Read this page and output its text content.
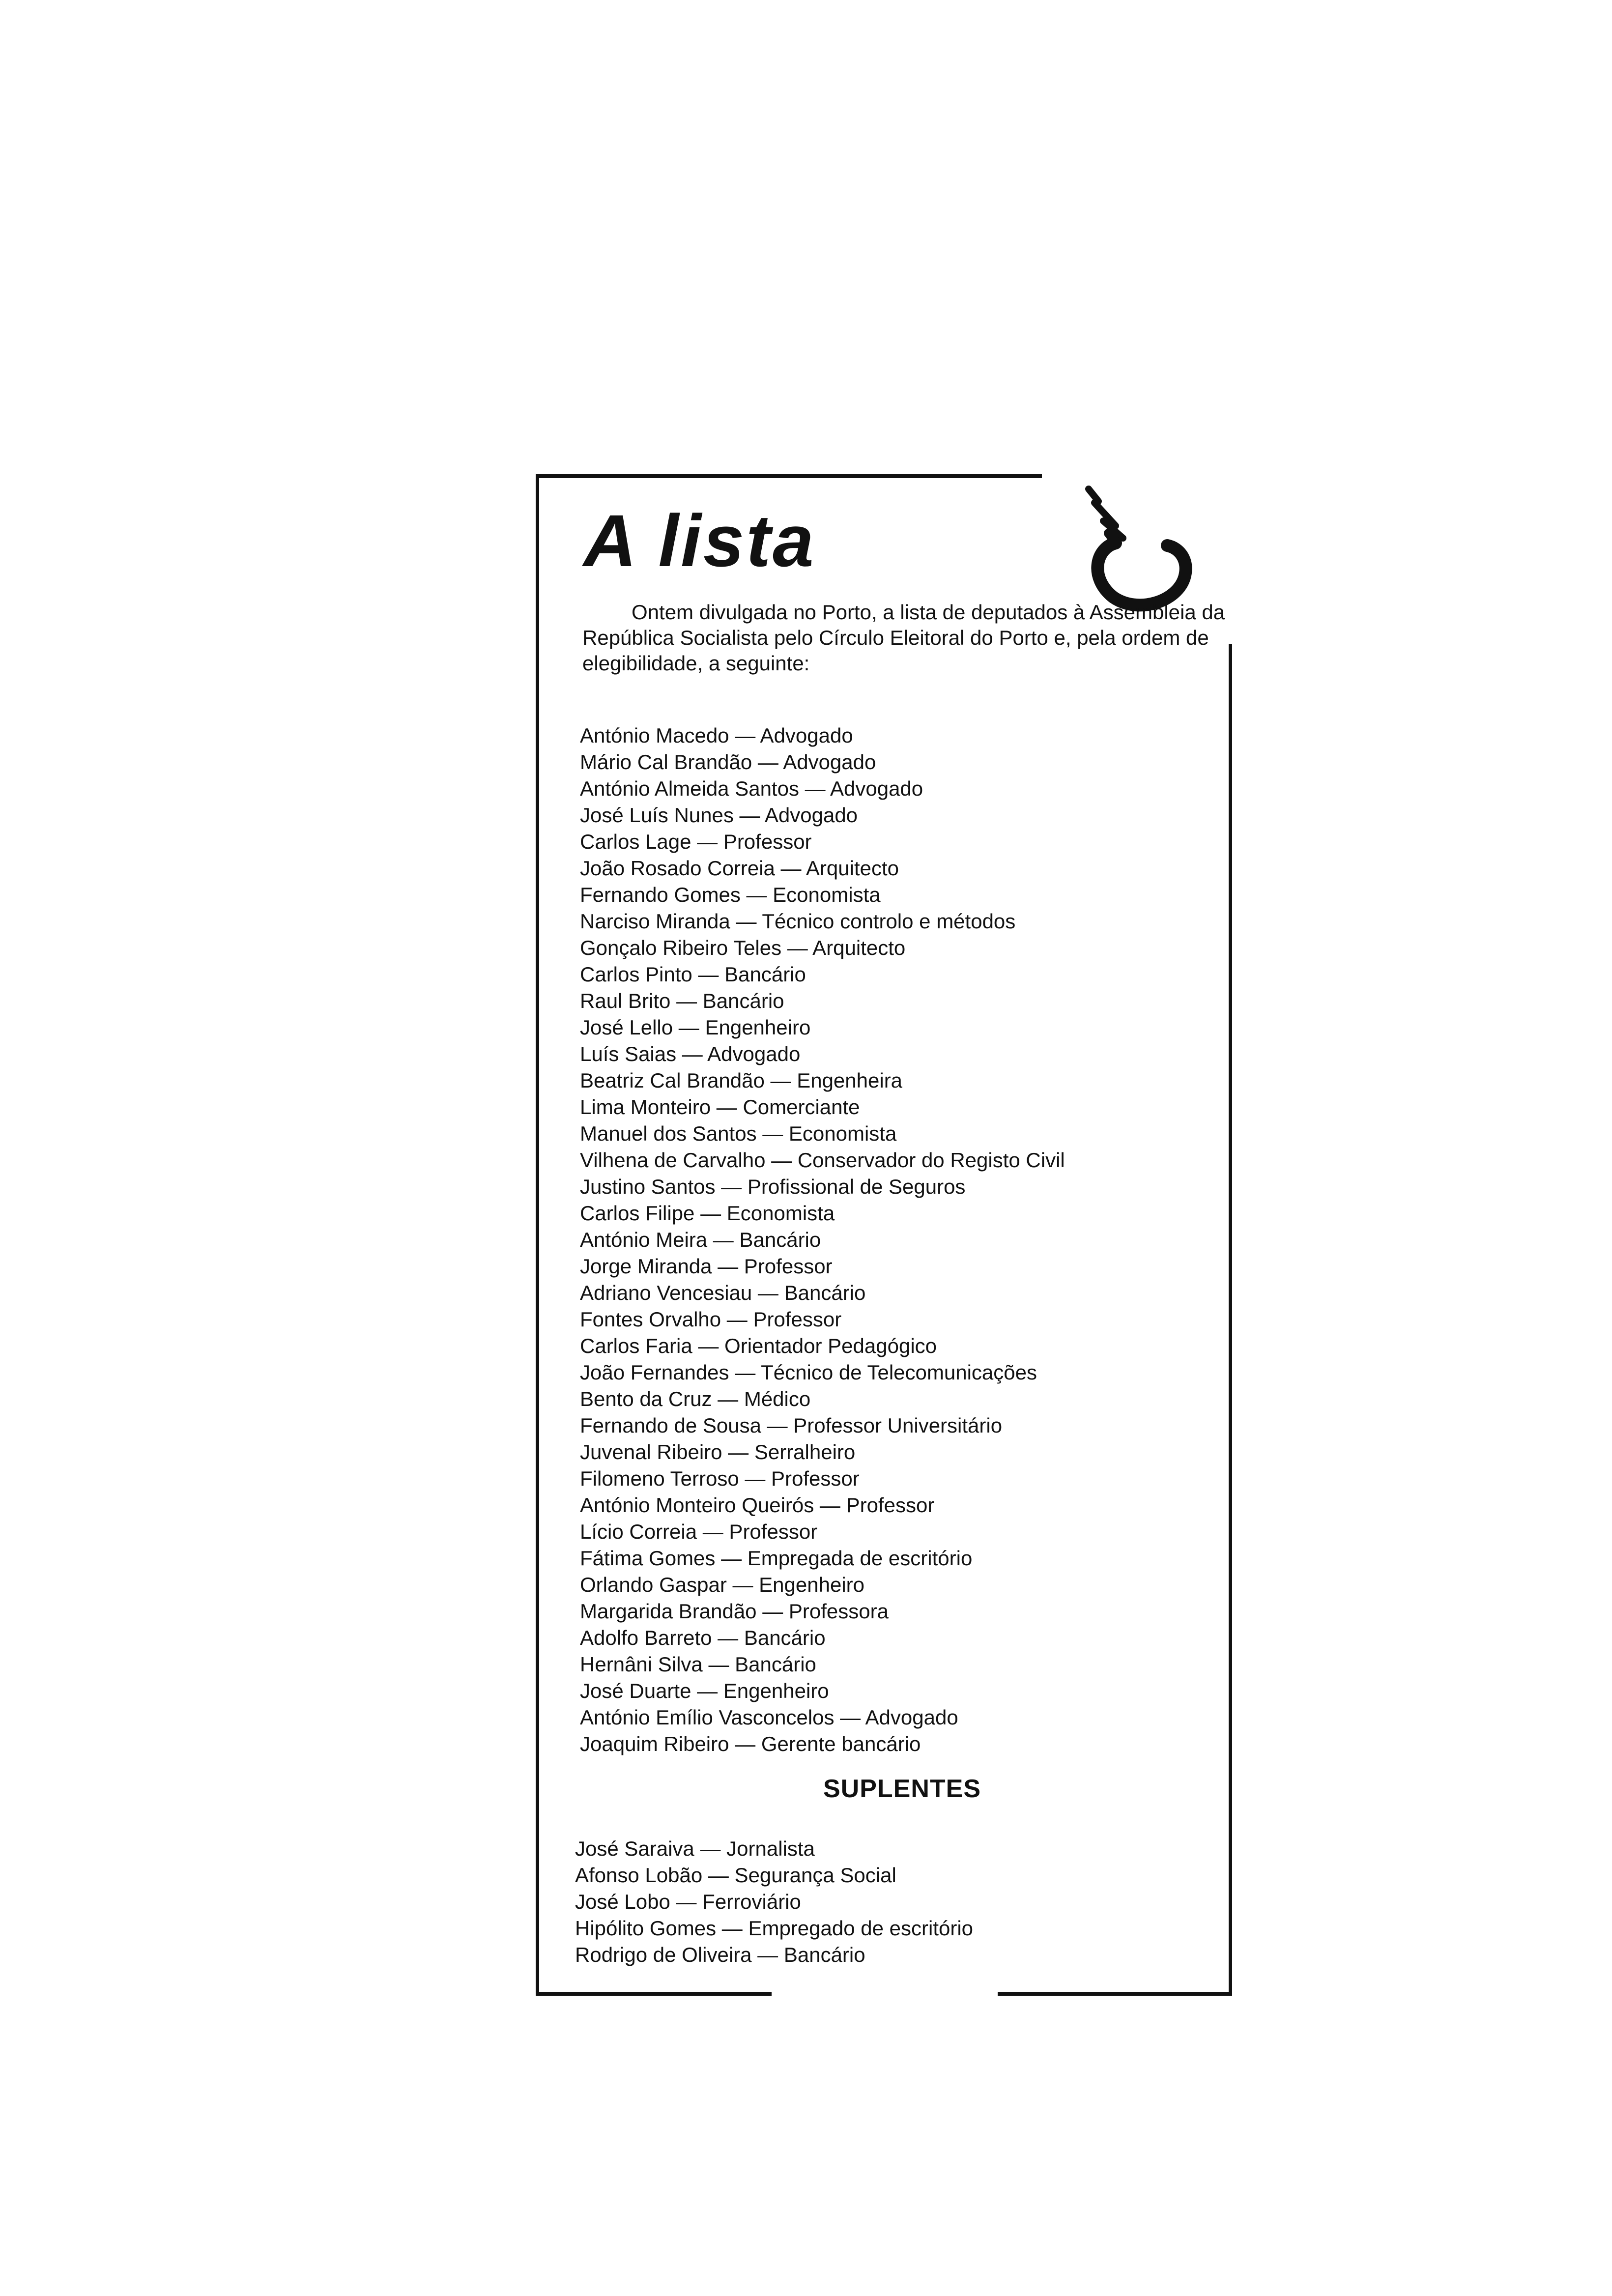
A lista

Ontem divulgada no Porto, a lista de deputados à Assembleia da República Socialista pelo Círculo Eleitoral do Porto e, pela ordem de elegibilidade, a seguinte:

António Macedo — Advogado
Mário Cal Brandão — Advogado
António Almeida Santos — Advogado
José Luís Nunes — Advogado
Carlos Lage — Professor
João Rosado Correia — Arquitecto
Fernando Gomes — Economista
Narciso Miranda — Técnico controlo e métodos
Gonçalo Ribeiro Teles — Arquitecto
Carlos Pinto — Bancário
Raul Brito — Bancário
José Lello — Engenheiro
Luís Saias — Advogado
Beatriz Cal Brandão — Engenheira
Lima Monteiro — Comerciante
Manuel dos Santos — Economista
Vilhena de Carvalho — Conservador do Registo Civil
Justino Santos — Profissional de Seguros
Carlos Filipe — Economista
António Meira — Bancário
Jorge Miranda — Professor
Adriano Vencesiau — Bancário
Fontes Orvalho — Professor
Carlos Faria — Orientador Pedagógico
João Fernandes — Técnico de Telecomunicações
Bento da Cruz — Médico
Fernando de Sousa — Professor Universitário
Juvenal Ribeiro — Serralheiro
Filomeno Terroso — Professor
António Monteiro Queirós — Professor
Lício Correia — Professor
Fátima Gomes — Empregada de escritório
Orlando Gaspar — Engenheiro
Margarida Brandão — Professora
Adolfo Barreto — Bancário
Hernâni Silva — Bancário
José Duarte — Engenheiro
António Emílio Vasconcelos — Advogado
Joaquim Ribeiro — Gerente bancário
SUPLENTES
José Saraiva — Jornalista
Afonso Lobão — Segurança Social
José Lobo — Ferroviário
Hipólito Gomes — Empregado de escritório
Rodrigo de Oliveira — Bancário
